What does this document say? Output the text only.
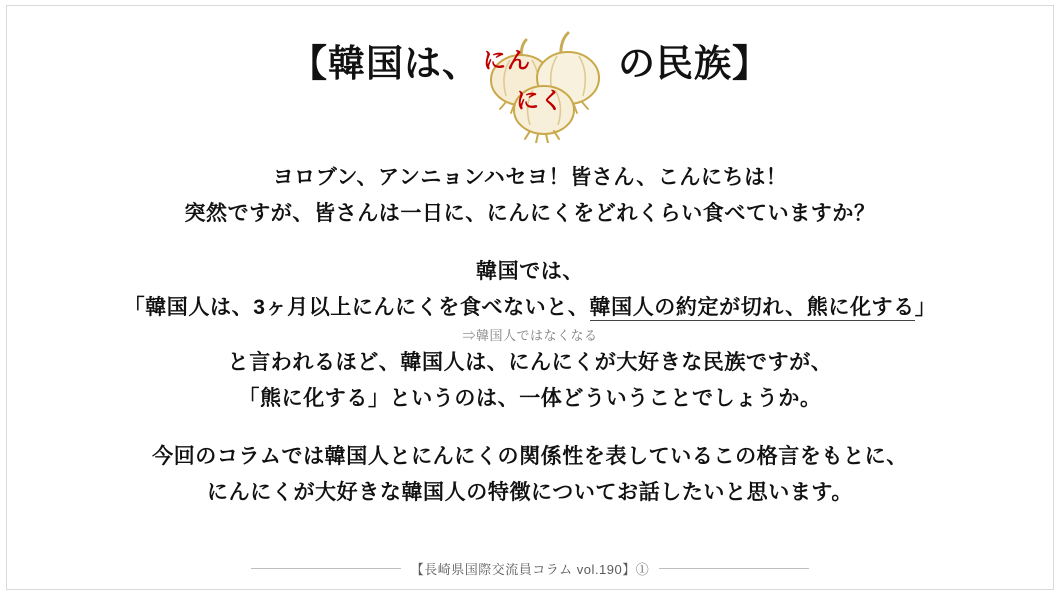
【韓国は、	の民族】
にん
にく
ヨロブン、アンニョンハセヨ！皆さん、こんにちは！
突然ですが、皆さんは一日に、にんにくをどれくらい食べていますか？
韓国では、
「韓国人は、3ヶ月以上にんにくを食べないと、韓国人の約定が切れ、熊に化する」
⇒韓国人ではなくなる
と言われるほど、韓国人は、にんにくが大好きな民族ですが、
「熊に化する」というのは、一体どういうことでしょうか。
今回のコラムでは韓国人とにんにくの関係性を表しているこの格言をもとに、
にんにくが大好きな韓国人の特徴についてお話したいと思います。
【長崎県国際交流員コラム vol.190】①
